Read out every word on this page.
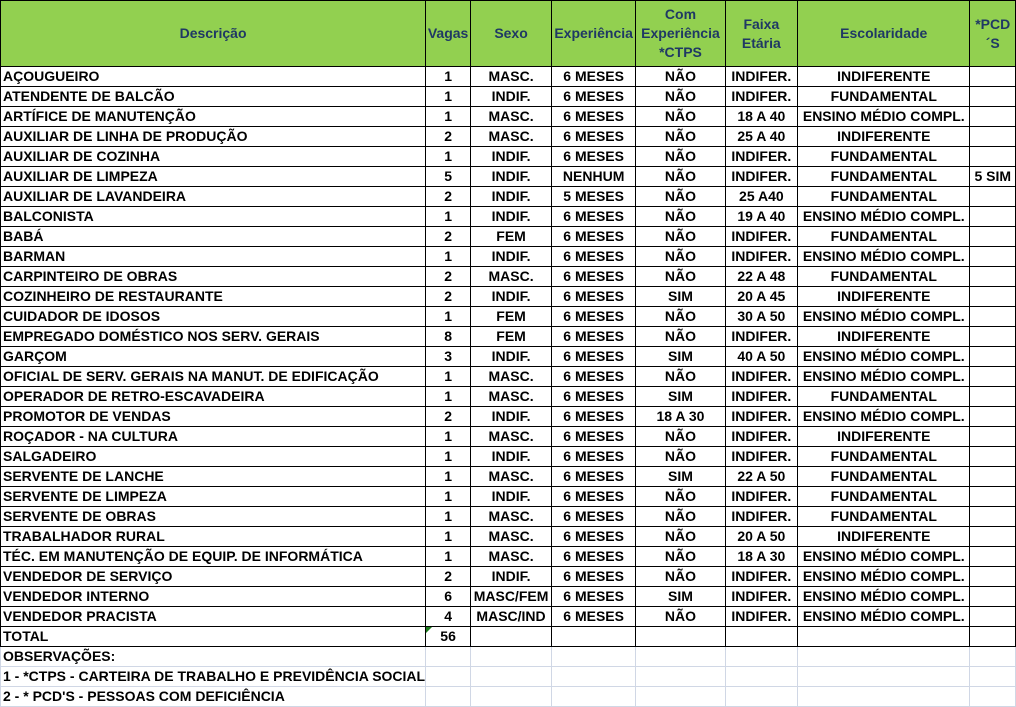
Descrição	Vagas	Sexo	Experiência	Com Experiência *CTPS	Faixa Etária	Escolaridade	*PCD´S
AÇOUGUEIRO	1	MASC.	6 MESES	NÃO	INDIFER.	INDIFERENTE	
ATENDENTE DE BALCÃO	1	INDIF.	6 MESES	NÃO	INDIFER.	FUNDAMENTAL	
ARTÍFICE DE MANUTENÇÃO	1	MASC.	6 MESES	NÃO	18 A 40	ENSINO MÉDIO COMPL.	
AUXILIAR DE LINHA DE PRODUÇÃO	2	MASC.	6 MESES	NÃO	25 A 40	INDIFERENTE	
AUXILIAR DE COZINHA	1	INDIF.	6 MESES	NÃO	INDIFER.	FUNDAMENTAL	
AUXILIAR DE LIMPEZA	5	INDIF.	NENHUM	NÃO	INDIFER.	FUNDAMENTAL	5 SIM
AUXILIAR DE LAVANDEIRA	2	INDIF.	5 MESES	NÃO	25 A40	FUNDAMENTAL	
BALCONISTA	1	INDIF.	6 MESES	NÃO	19 A 40	ENSINO MÉDIO COMPL.	
BABÁ	2	FEM	6 MESES	NÃO	INDIFER.	FUNDAMENTAL	
BARMAN	1	INDIF.	6 MESES	NÃO	INDIFER.	ENSINO MÉDIO COMPL.	
CARPINTEIRO DE OBRAS	2	MASC.	6 MESES	NÃO	22 A 48	FUNDAMENTAL	
COZINHEIRO DE RESTAURANTE	2	INDIF.	6 MESES	SIM	20 A 45	INDIFERENTE	
CUIDADOR DE IDOSOS	1	FEM	6 MESES	NÃO	30 A 50	ENSINO MÉDIO COMPL.	
EMPREGADO DOMÉSTICO NOS SERV. GERAIS	8	FEM	6 MESES	NÃO	INDIFER.	INDIFERENTE	
GARÇOM	3	INDIF.	6 MESES	SIM	40 A 50	ENSINO MÉDIO COMPL.	
OFICIAL DE SERV. GERAIS NA MANUT. DE EDIFICAÇÃO	1	MASC.	6 MESES	NÃO	INDIFER.	ENSINO MÉDIO COMPL.	
OPERADOR DE RETRO-ESCAVADEIRA	1	MASC.	6 MESES	SIM	INDIFER.	FUNDAMENTAL	
PROMOTOR DE VENDAS	2	INDIF.	6 MESES	18 A 30	INDIFER.	ENSINO MÉDIO COMPL.	
ROÇADOR - NA CULTURA	1	MASC.	6 MESES	NÃO	INDIFER.	INDIFERENTE	
SALGADEIRO	1	INDIF.	6 MESES	NÃO	INDIFER.	FUNDAMENTAL	
SERVENTE DE LANCHE	1	MASC.	6 MESES	SIM	22 A 50	FUNDAMENTAL	
SERVENTE DE LIMPEZA	1	INDIF.	6 MESES	NÃO	INDIFER.	FUNDAMENTAL	
SERVENTE DE OBRAS	1	MASC.	6 MESES	NÃO	INDIFER.	FUNDAMENTAL	
TRABALHADOR RURAL	1	MASC.	6 MESES	NÃO	20 A 50	INDIFERENTE	
TÉC. EM MANUTENÇÃO DE EQUIP. DE INFORMÁTICA	1	MASC.	6 MESES	NÃO	18 A 30	ENSINO MÉDIO COMPL.	
VENDEDOR DE SERVIÇO	2	INDIF.	6 MESES	NÃO	INDIFER.	ENSINO MÉDIO COMPL.	
VENDEDOR INTERNO	6	MASC/FEM	6 MESES	SIM	INDIFER.	ENSINO MÉDIO COMPL.	
VENDEDOR PRACISTA	4	MASC/IND	6 MESES	NÃO	INDIFER.	ENSINO MÉDIO COMPL.	
TOTAL	56						
OBSERVAÇÕES:							
1 - *CTPS - CARTEIRA DE TRABALHO E PREVIDÊNCIA SOCIAL							
2 - * PCD'S - PESSOAS COM DEFICIÊNCIA							
